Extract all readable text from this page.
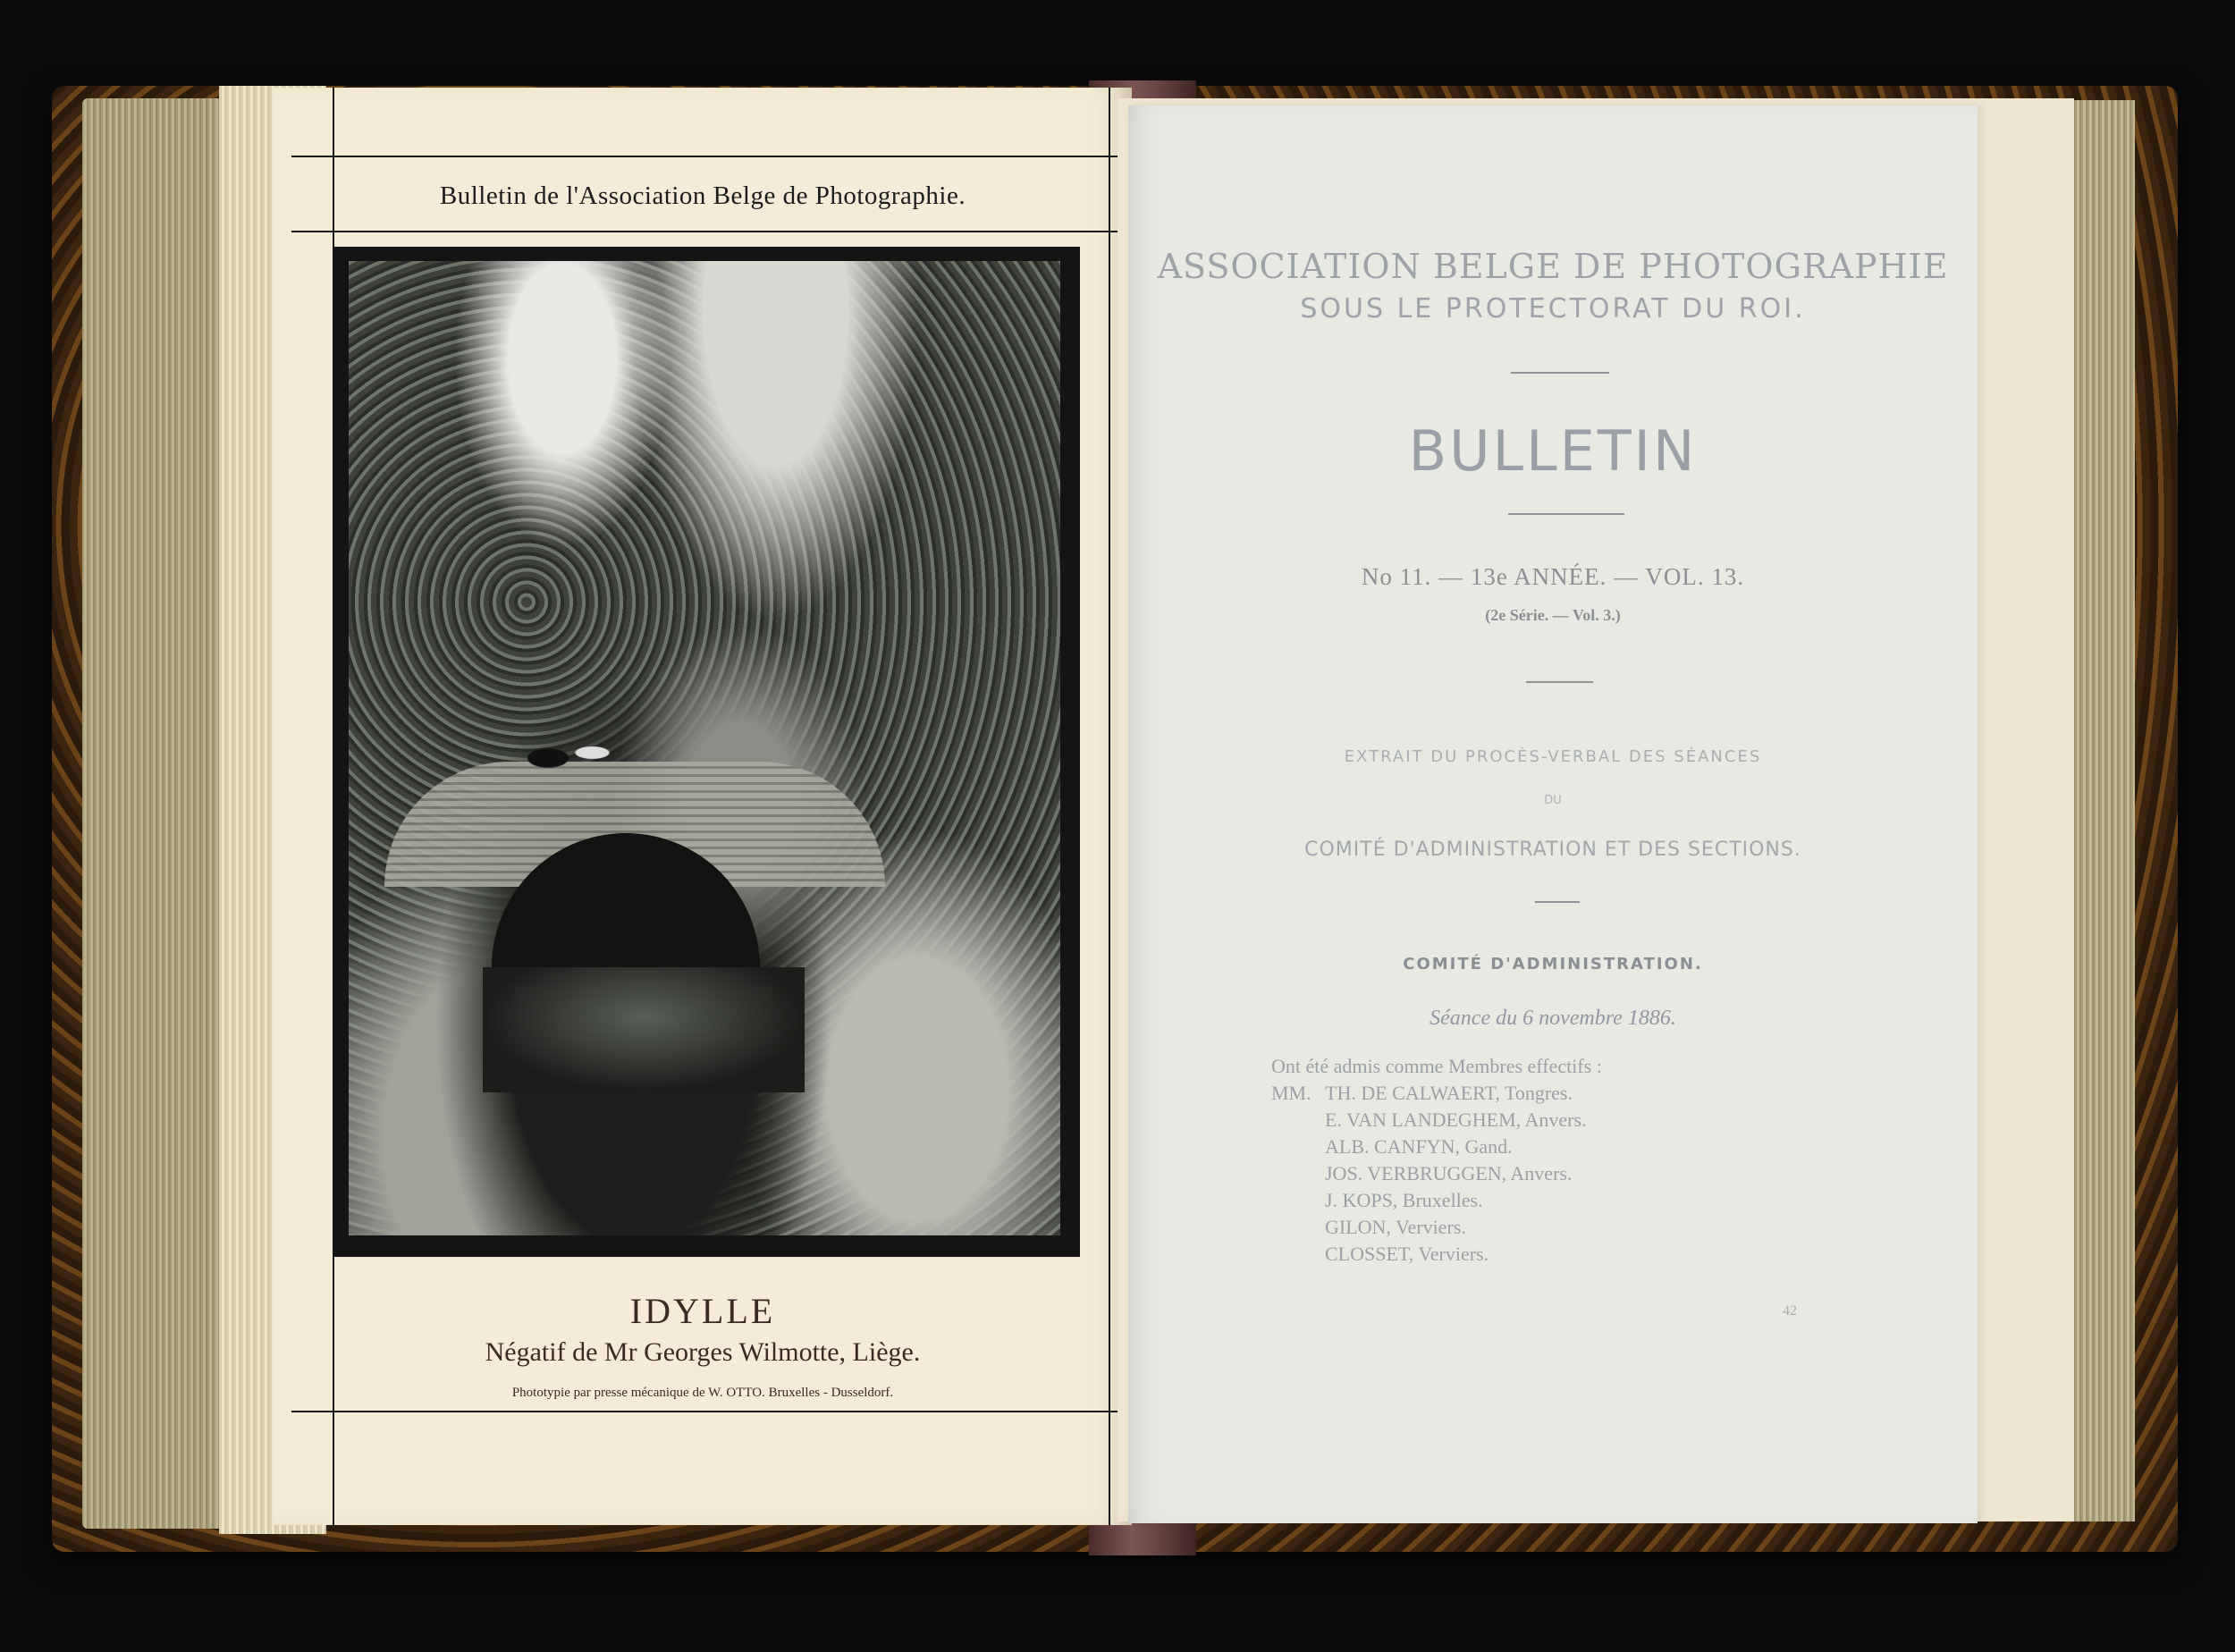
Bulletin de l'Association Belge de Photographie.
IDYLLE
Négatif de Mr Georges Wilmotte, Liège.
Phototypie par presse mécanique de W. OTTO. Bruxelles - Dusseldorf.
ASSOCIATION BELGE DE PHOTOGRAPHIE
SOUS LE PROTECTORAT DU ROI.
BULLETIN
No 11. — 13e ANNÉE. — VOL. 13.
(2e Série. — Vol. 3.)
EXTRAIT DU PROCÈS-VERBAL DES SÉANCES
DU
COMITÉ D'ADMINISTRATION ET DES SECTIONS.
COMITÉ D'ADMINISTRATION.
Séance du 6 novembre 1886.
Ont été admis comme Membres effectifs :
MM. TH. DE CALWAERT, Tongres.
E. VAN LANDEGHEM, Anvers.
ALB. CANFYN, Gand.
JOS. VERBRUGGEN, Anvers.
J. KOPS, Bruxelles.
GILON, Verviers.
CLOSSET, Verviers.
42
